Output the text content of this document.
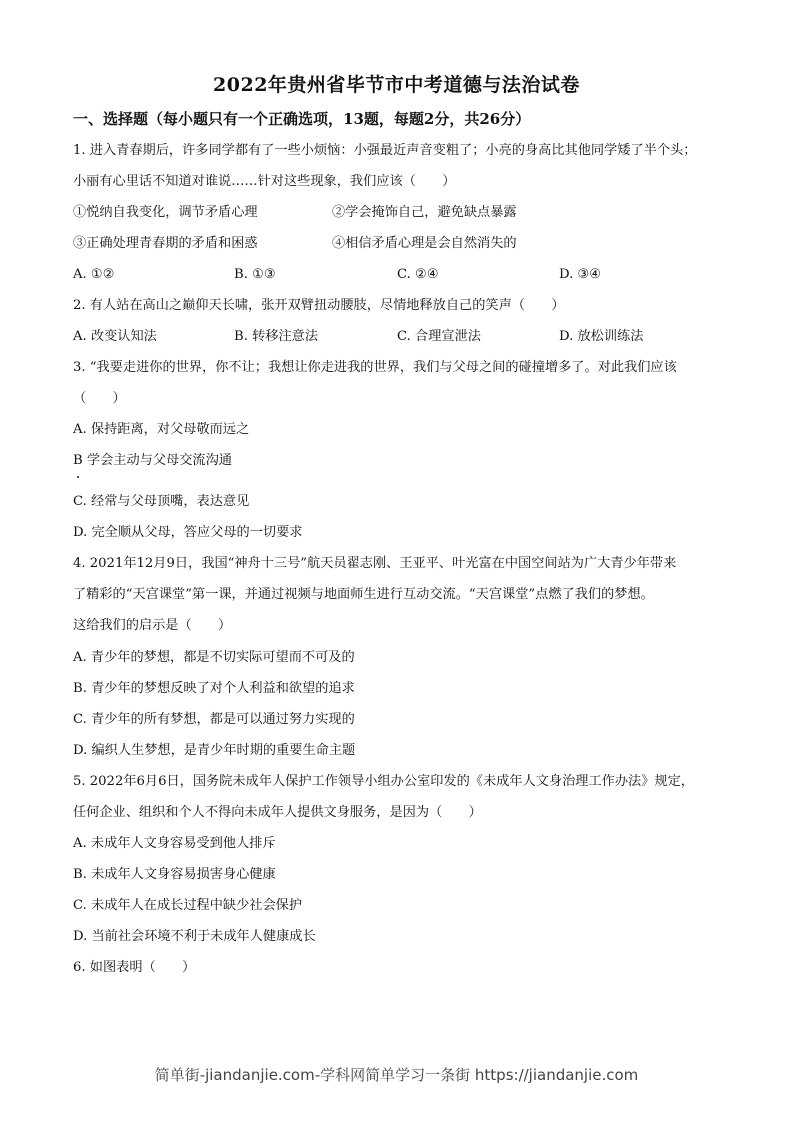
2022年贵州省毕节市中考道德与法治试卷
一、选择题（每小题只有一个正确选项，13题，每题2分，共26分）
1. 进入青春期后，许多同学都有了一些小烦恼：小强最近声音变粗了；小亮的身高比其他同学矮了半个头；
小丽有心里话不知道对谁说……针对这些现象，我们应该（　　）
①悦纳自我变化，调节矛盾心理	②学会掩饰自己，避免缺点暴露
③正确处理青春期的矛盾和困惑	④相信矛盾心理是会自然消失的
A. ①②	B. ①③	C. ②④	D. ③④
2. 有人站在高山之巅仰天长啸，张开双臂扭动腰肢，尽情地释放自己的笑声（　　）
A. 改变认知法	B. 转移注意法	C. 合理宣泄法	D. 放松训练法
3. “我要走进你的世界，你不让；我想让你走进我的世界，我们与父母之间的碰撞增多了。对此我们应该
（　　）
A. 保持距离，对父母敬而远之
B 学会主动与父母交流沟通
C. 经常与父母顶嘴，表达意见
D. 完全顺从父母，答应父母的一切要求
4. 2021年12月9日，我国“神舟十三号”航天员翟志刚、王亚平、叶光富在中国空间站为广大青少年带来
了精彩的“天宫课堂”第一课，并通过视频与地面师生进行互动交流。“天宫课堂”点燃了我们的梦想。
这给我们的启示是（　　）
A. 青少年的梦想，都是不切实际可望而不可及的
B. 青少年的梦想反映了对个人利益和欲望的追求
C. 青少年的所有梦想，都是可以通过努力实现的
D. 编织人生梦想，是青少年时期的重要生命主题
5. 2022年6月6日，国务院未成年人保护工作领导小组办公室印发的《未成年人文身治理工作办法》规定，
任何企业、组织和个人不得向未成年人提供文身服务，是因为（　　）
A. 未成年人文身容易受到他人排斥
B. 未成年人文身容易损害身心健康
C. 未成年人在成长过程中缺少社会保护
D. 当前社会环境不利于未成年人健康成长
6. 如图表明（　　）
简单街-jiandanjie.com-学科网简单学习一条街 https://jiandanjie.com
